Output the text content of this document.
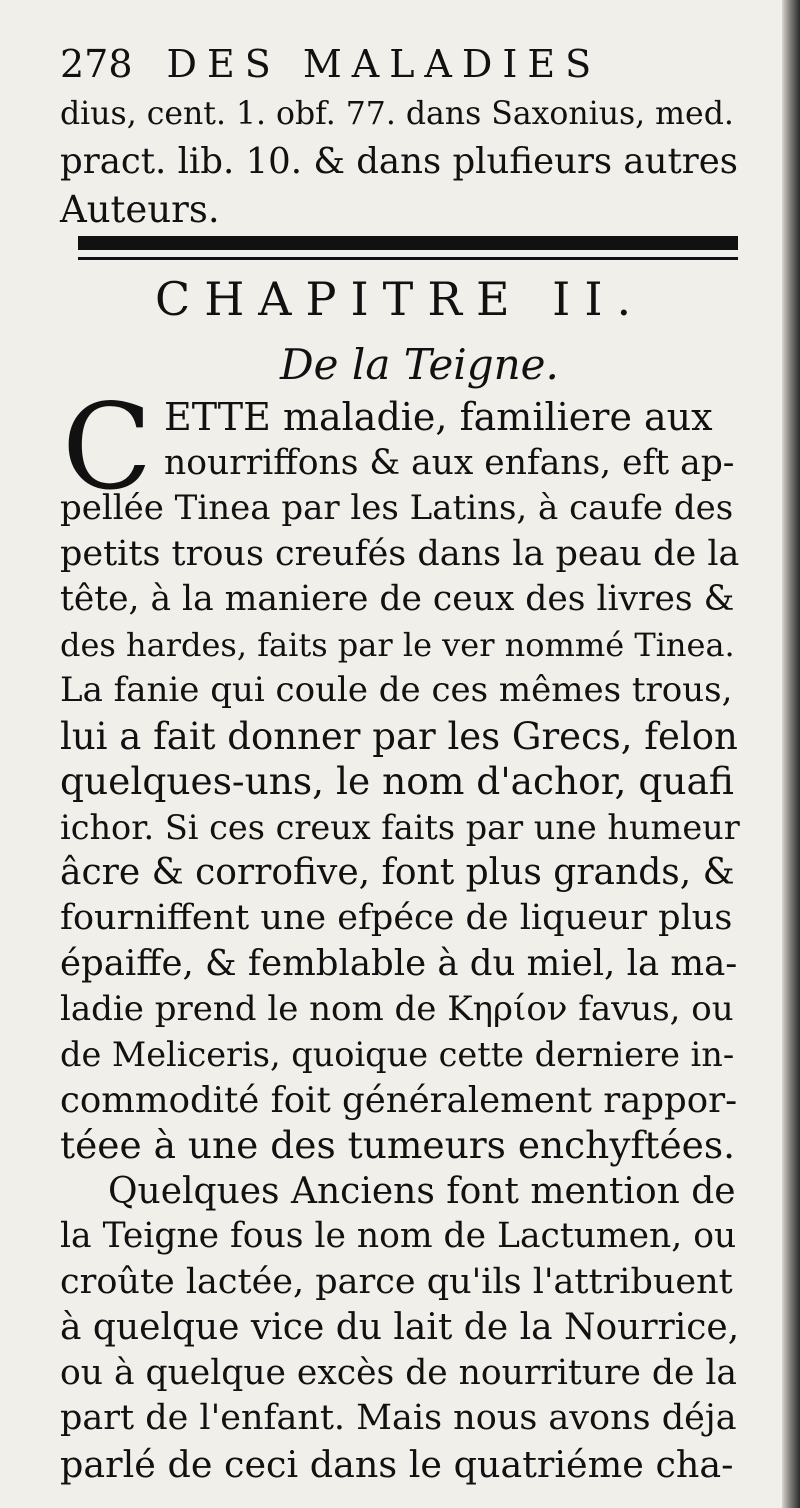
278 DES MALADIES
dius, cent. 1. obf. 77. dans Saxonius, med.
pract. lib. 10. & dans plufieurs autres
Auteurs.
CHAPITRE II.
De la Teigne.
C ETTE maladie, familiere aux
nourriffons & aux enfans, eft ap-
pellée Tinea par les Latins, à caufe des
petits trous creufés dans la peau de la
tête, à la maniere de ceux des livres &
des hardes, faits par le ver nommé Tinea.
La fanie qui coule de ces mêmes trous,
lui a fait donner par les Grecs, felon
quelques-uns, le nom d'achor, quafi
ichor. Si ces creux faits par une humeur
âcre & corrofive, font plus grands, &
fourniffent une efpéce de liqueur plus
épaiffe, & femblable à du miel, la ma-
ladie prend le nom de Κηρίον favus, ou
de Meliceris, quoique cette derniere in-
commodité foit généralement rappor-
téee à une des tumeurs enchyftées.
Quelques Anciens font mention de
la Teigne fous le nom de Lactumen, ou
croûte lactée, parce qu'ils l'attribuent
à quelque vice du lait de la Nourrice,
ou à quelque excès de nourriture de la
part de l'enfant. Mais nous avons déja
parlé de ceci dans le quatriéme cha-
